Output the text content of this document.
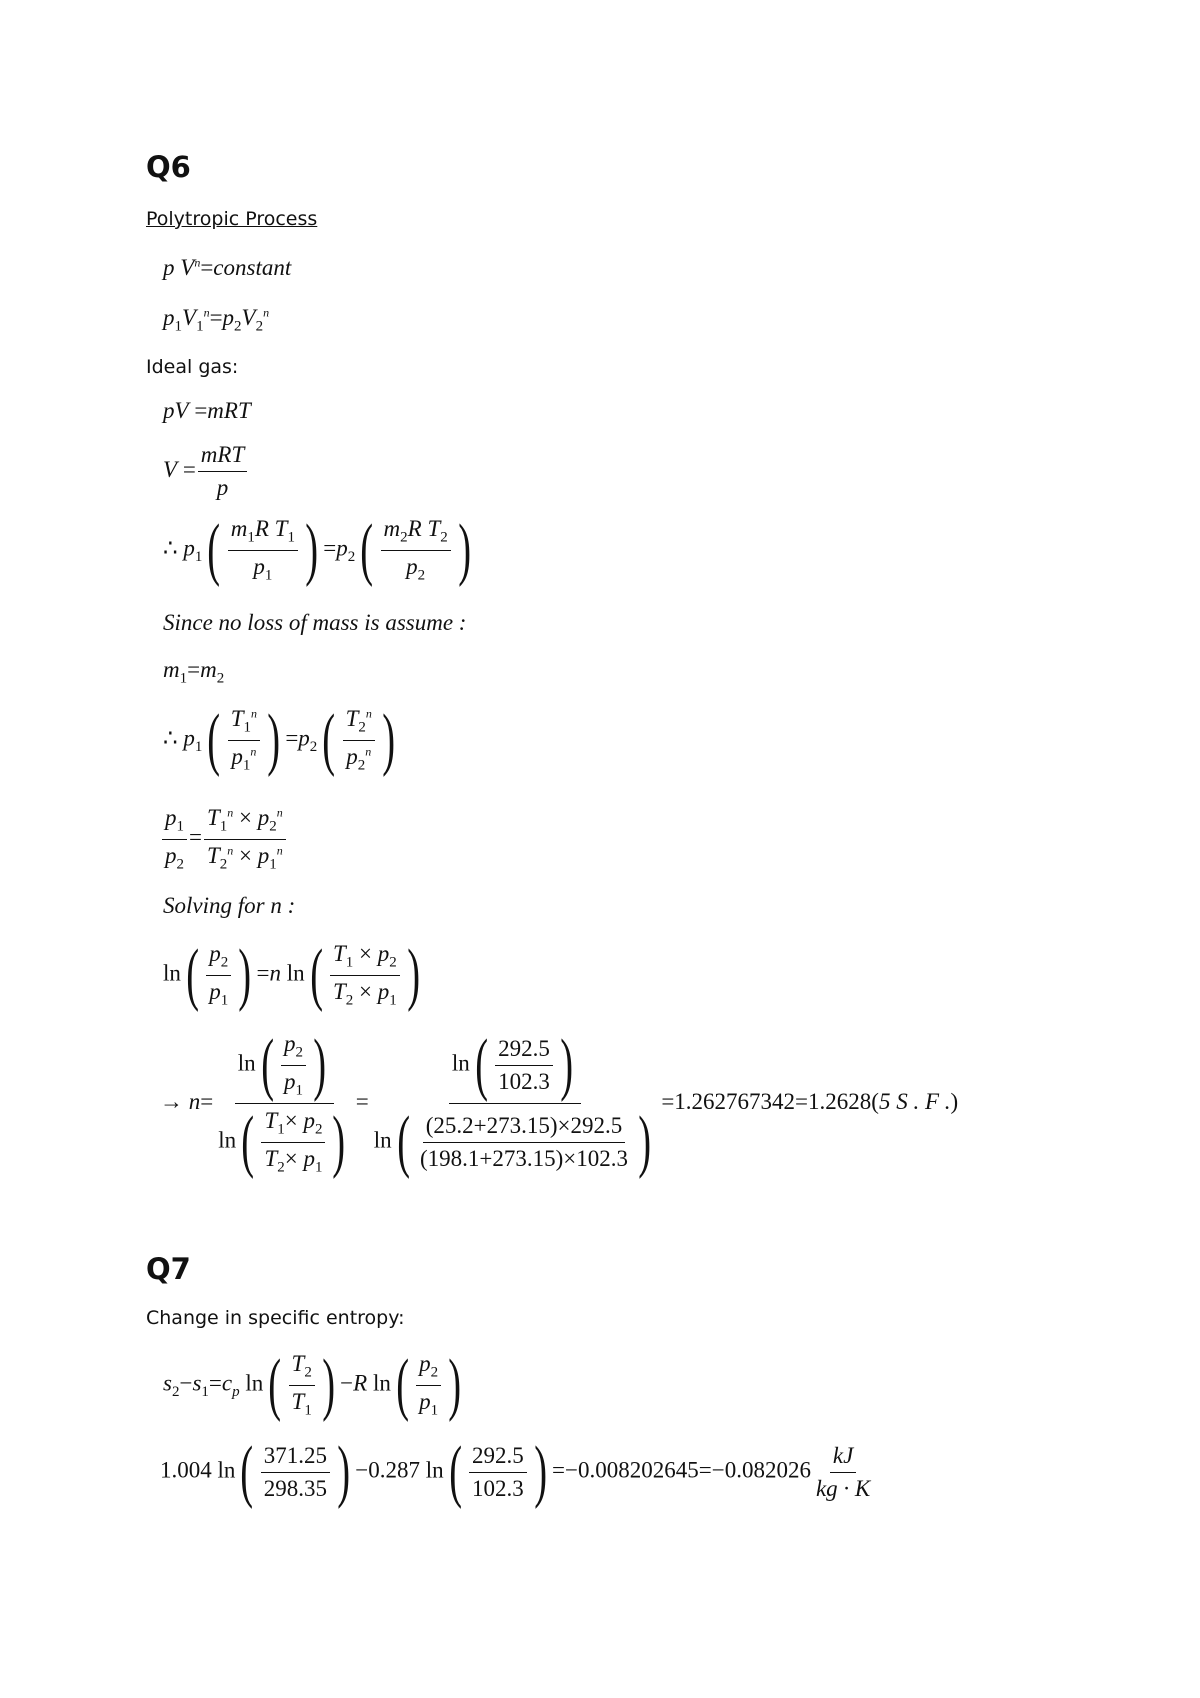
Q6

Polytropic Process

p $V^n=constant$
$p_1V_1^n=p_2V_2^n$

Ideal gas:

pV =mRT
$V = \frac{\text{mRT}}{p}$
∴ $p_1$ ( $\frac{m_1R T_1}{p_1}$ ) $=p_2$ ( $\frac{m_2R T_2}{p_2}$ )
Since no loss of mass is assume :
$m_1=m_2$
∴ $p_1$ ( $\frac{T_1^n}{p_1^n}$ ) $=p_2$ ( $\frac{T_2^n}{p_2^n}$ )
$\frac{p_1}{p_2} = \frac{T_1^n \times p_2^n}{T_2^n \times p_1^n}$
Solving for n :
ln ( $\frac{p_2}{p_1}$ ) =n ln ( $\frac{T_1 \times p_2}{T_2 \times p_1}$ )
→ $n= \frac{\ln ( \frac{p_2}{p_1} )}{\ln ( \frac{T_1\times p_2}{T_2\times p_1} )} = \frac{\ln ( \frac{292.5}{102.3} )}{\ln ( \frac{(25.2+273.15)\times 292.5}{(198.1+273.15)\times 102.3} )} =1.262767342=1.2628(5$ S . F .)
Q7

Change in specific entropy:

$s_2-s_1=c_p$ ln ( $\frac{T_2}{T_1}$ ) −R ln ( $\frac{p_2}{p_1}$ )
1.004 ln ( $\frac{371.25}{298.35}$ ) −0.287 ln ( $\frac{292.5}{102.3}$ ) $=-0.008202645=-0.082026 \frac{kJ}{kg \cdot K}$
